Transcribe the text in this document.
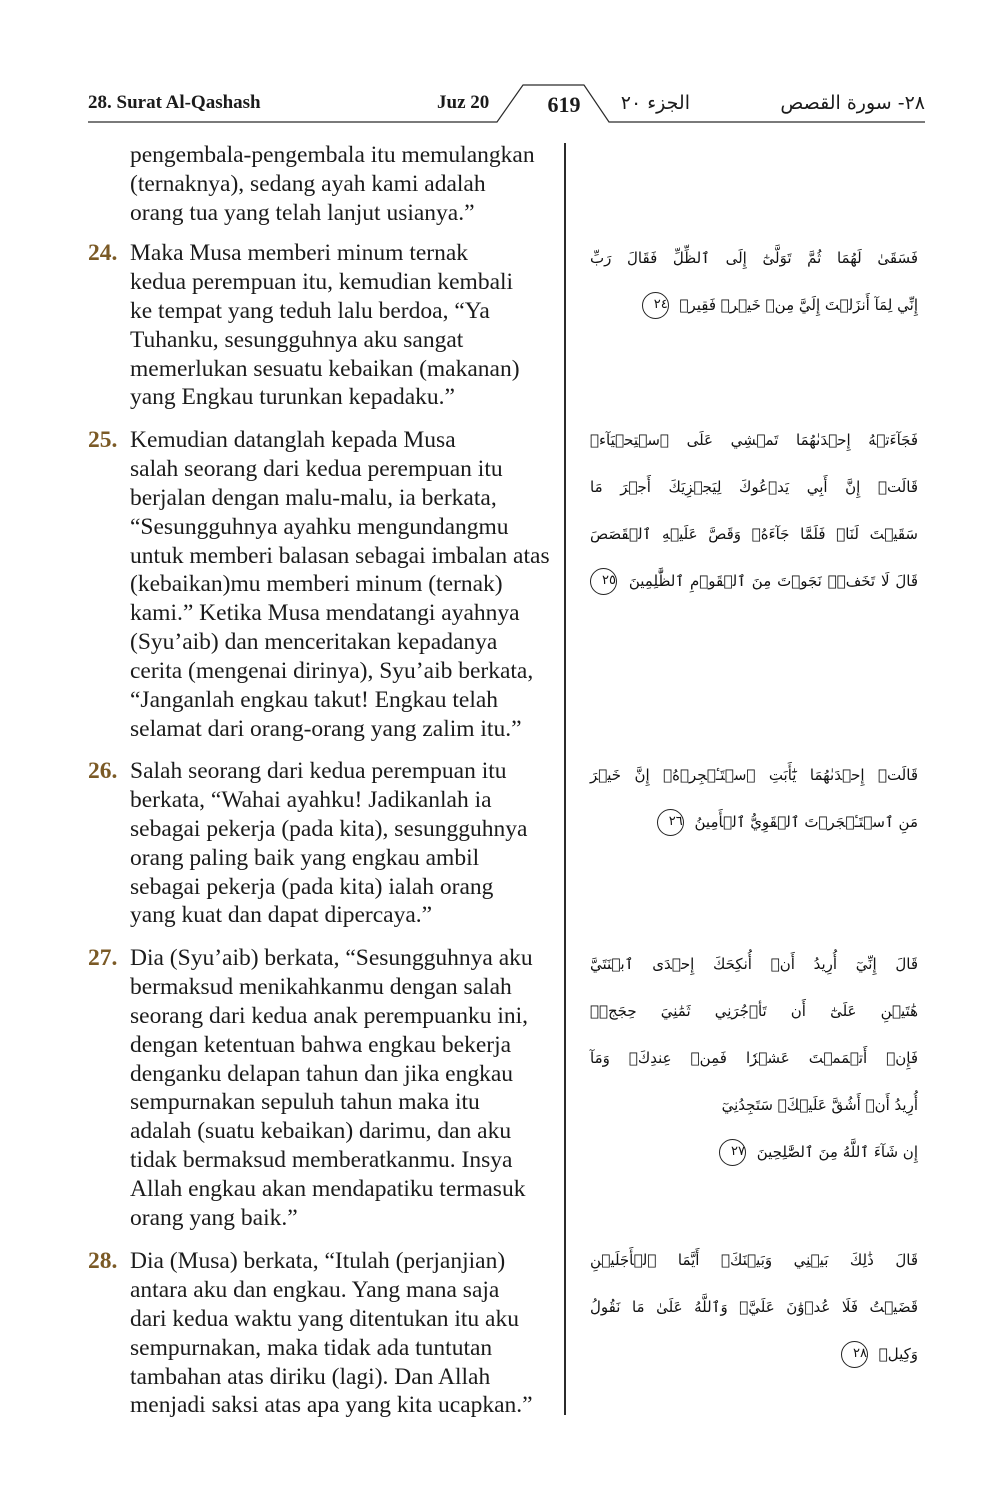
28. Surat Al-Qashash	Juz 20	619	الجزء ٢٠	٢٨- سورة القصص
pengembala-pengembala itu memulangkan
(ternaknya), sedang ayah kami adalah
orang tua yang telah lanjut usianya.”
24. Maka Musa memberi minum ternak
kedua perempuan itu, kemudian kembali
ke tempat yang teduh lalu berdoa, “Ya
Tuhanku, sesungguhnya aku sangat
memerlukan sesuatu kebaikan (makanan)
yang Engkau turunkan kepadaku.”
25. Kemudian datanglah kepada Musa
salah seorang dari kedua perempuan itu
berjalan dengan malu-malu, ia berkata,
“Sesungguhnya ayahku mengundangmu
untuk memberi balasan sebagai imbalan atas
(kebaikan)mu memberi minum (ternak)
kami.” Ketika Musa mendatangi ayahnya
(Syu’aib) dan menceritakan kepadanya
cerita (mengenai dirinya), Syu’aib berkata,
“Janganlah engkau takut! Engkau telah
selamat dari orang-orang yang zalim itu.”
26. Salah seorang dari kedua perempuan itu
berkata, “Wahai ayahku! Jadikanlah ia
sebagai pekerja (pada kita), sesungguhnya
orang paling baik yang engkau ambil
sebagai pekerja (pada kita) ialah orang
yang kuat dan dapat dipercaya.”
27. Dia (Syu’aib) berkata, “Sesungguhnya aku
bermaksud menikahkanmu dengan salah
seorang dari kedua anak perempuanku ini,
dengan ketentuan bahwa engkau bekerja
denganku delapan tahun dan jika engkau
sempurnakan sepuluh tahun maka itu
adalah (suatu kebaikan) darimu, dan aku
tidak bermaksud memberatkanmu. Insya
Allah engkau akan mendapatiku termasuk
orang yang baik.”
28. Dia (Musa) berkata, “Itulah (perjanjian)
antara aku dan engkau. Yang mana saja
dari kedua waktu yang ditentukan itu aku
sempurnakan, maka tidak ada tuntutan
tambahan atas diriku (lagi). Dan Allah
menjadi saksi atas apa yang kita ucapkan.”
فَسَقَىٰ لَهُمَا ثُمَّ تَوَلَّىٰٓ إِلَى ٱلظِّلِّ فَقَالَ رَبِّ
إِنِّي لِمَآ أَنزَلۡتَ إِلَيَّ مِنۡ خَيۡرٖ فَقِيرٞ ٢٤
فَجَآءَتۡهُ إِحۡدَىٰهُمَا تَمۡشِي عَلَى ٱسۡتِحۡيَآءٖ
قَالَتۡ إِنَّ أَبِي يَدۡعُوكَ لِيَجۡزِيَكَ أَجۡرَ مَا
سَقَيۡتَ لَنَاۚ فَلَمَّا جَآءَهُۥ وَقَصَّ عَلَيۡهِ ٱلۡقَصَصَ
قَالَ لَا تَخَفۡۖ نَجَوۡتَ مِنَ ٱلۡقَوۡمِ ٱلظَّٰلِمِينَ ٢٥
قَالَتۡ إِحۡدَىٰهُمَا يَٰٓأَبَتِ ٱسۡتَـٔۡجِرۡهُۖ إِنَّ خَيۡرَ
مَنِ ٱسۡتَـٔۡجَرۡتَ ٱلۡقَوِيُّ ٱلۡأَمِينُ ٢٦
قَالَ إِنِّيٓ أُرِيدُ أَنۡ أُنكِحَكَ إِحۡدَى ٱبۡنَتَيَّ
هَٰتَيۡنِ عَلَىٰٓ أَن تَأۡجُرَنِي ثَمَٰنِيَ حِجَجٖۖ
فَإِنۡ أَتۡمَمۡتَ عَشۡرٗا فَمِنۡ عِندِكَۖ وَمَآ
أُرِيدُ أَنۡ أَشُقَّ عَلَيۡكَۚ سَتَجِدُنِيٓ
إِن شَآءَ ٱللَّهُ مِنَ ٱلصَّٰلِحِينَ ٢٧
قَالَ ذَٰلِكَ بَيۡنِي وَبَيۡنَكَۖ أَيَّمَا ٱلۡأَجَلَيۡنِ
قَضَيۡتُ فَلَا عُدۡوَٰنَ عَلَيَّۖ وَٱللَّهُ عَلَىٰ مَا نَقُولُ
وَكِيلٞ ٢٨
